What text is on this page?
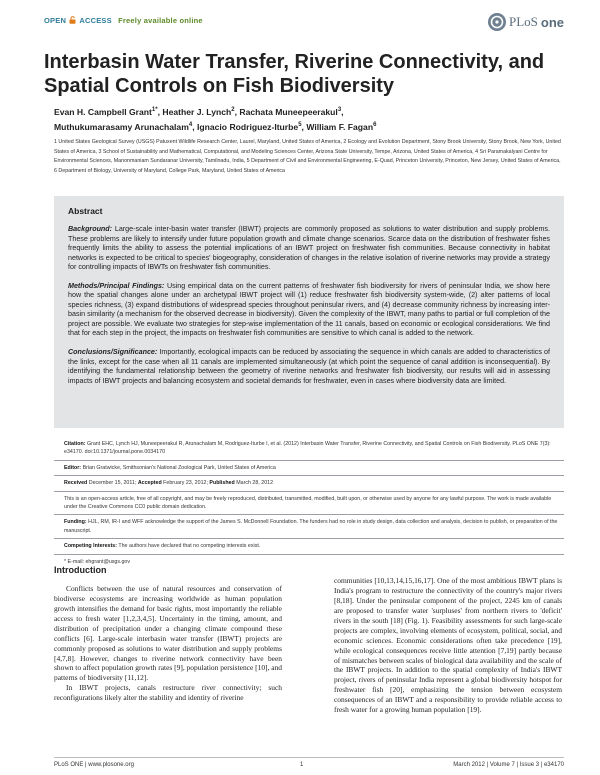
OPEN ACCESS Freely available online	PLoS one
Interbasin Water Transfer, Riverine Connectivity, and Spatial Controls on Fish Biodiversity
Evan H. Campbell Grant$^{1*}$, Heather J. Lynch$^2$, Rachata Muneepeerakul$^3$,
Muthukumarasamy Arunachalam$^4$, Ignacio Rodriguez-Iturbe$^5$, William F. Fagan$^6$
1 United States Geological Survey (USGS) Patuxent Wildlife Research Center, Laurel, Maryland, United States of America, 2 Ecology and Evolution Department, Stony Brook University, Stony Brook, New York, United States of America, 3 School of Sustainability and Mathematical, Computational, and Modeling Sciences Center, Arizona State University, Tempe, Arizona, United States of America, 4 Sri Paramakalyani Centre for Environmental Sciences, Manonmaniam Sundaranar University, Tamilnadu, India, 5 Department of Civil and Environmental Engineering, E-Quad, Princeton University, Princeton, New Jersey, United States of America, 6 Department of Biology, University of Maryland, College Park, Maryland, United States of America
Abstract
Background: Large-scale inter-basin water transfer (IBWT) projects are commonly proposed as solutions to water distribution and supply problems. These problems are likely to intensify under future population growth and climate change scenarios. Scarce data on the distribution of freshwater fishes frequently limits the ability to assess the potential implications of an IBWT project on freshwater fish communities. Because connectivity in habitat networks is expected to be critical to species' biogeography, consideration of changes in the relative isolation of riverine networks may provide a strategy for controlling impacts of IBWTs on freshwater fish communities.
Methods/Principal Findings: Using empirical data on the current patterns of freshwater fish biodiversity for rivers of peninsular India, we show here how the spatial changes alone under an archetypal IBWT project will (1) reduce freshwater fish biodiversity system-wide, (2) alter patterns of local species richness, (3) expand distributions of widespread species throughout peninsular rivers, and (4) decrease community richness by increasing inter-basin similarity (a mechanism for the observed decrease in biodiversity). Given the complexity of the IBWT, many paths to partial or full completion of the project are possible. We evaluate two strategies for step-wise implementation of the 11 canals, based on economic or ecological considerations. We find that for each step in the project, the impacts on freshwater fish communities are sensitive to which canal is added to the network.
Conclusions/Significance: Importantly, ecological impacts can be reduced by associating the sequence in which canals are added to characteristics of the links, except for the case when all 11 canals are implemented simultaneously (at which point the sequence of canal addition is inconsequential). By identifying the fundamental relationship between the geometry of riverine networks and freshwater fish biodiversity, our results will aid in assessing impacts of IBWT projects and balancing ecosystem and societal demands for freshwater, even in cases where biodiversity data are limited.
Citation: Grant EHC, Lynch HJ, Muneepeerakul R, Arunachalam M, Rodriguez-Iturbe I, et al. (2012) Interbasin Water Transfer, Riverine Connectivity, and Spatial Controls on Fish Biodiversity. PLoS ONE 7(3): e34170. doi:10.1371/journal.pone.0034170
Editor: Brian Gratwicke, Smithsonian's National Zoological Park, United States of America
Received December 15, 2011; Accepted February 23, 2012; Published March 28, 2012
This is an open-access article, free of all copyright, and may be freely reproduced, distributed, transmitted, modified, built upon, or otherwise used by anyone for any lawful purpose. The work is made available under the Creative Commons CC0 public domain dedication.
Funding: HJL, RM, IR-I and WFF acknowledge the support of the James S. McDonnell Foundation. The funders had no role in study design, data collection and analysis, decision to publish, or preparation of the manuscript.
Competing Interests: The authors have declared that no competing interests exist.
* E-mail: ehgrant@usgs.gov
Introduction

Conflicts between the use of natural resources and conservation of biodiverse ecosystems are increasing worldwide as human population growth intensifies the demand for basic rights, most importantly the reliable access to fresh water [1,2,3,4,5]. Uncertainty in the timing, amount, and distribution of precipitation under a changing climate compound these conflicts [6]. Large-scale interbasin water transfer (IBWT) projects are commonly proposed as solutions to water distribution and supply problems [4,7,8]. However, changes to riverine network connectivity have been shown to affect population growth rates [9], population persistence [10], and patterns of biodiversity [11,12].

In IBWT projects, canals restructure river connectivity; such reconfigurations likely alter the stability and identity of riverine

communities [10,13,14,15,16,17]. One of the most ambitious IBWT plans is India's program to restructure the connectivity of the country's major rivers [8,18]. Under the peninsular component of the project, 2245 km of canals are proposed to transfer water 'surpluses' from northern rivers to 'deficit' rivers in the south [18] (Fig. 1). Feasibility assessments for such large-scale projects are complex, involving elements of ecosystem, political, social, and economic sciences. Economic considerations often take precedence [19], while ecological consequences receive little attention [7,19] partly because of mismatches between scales of biological data availability and the scale of the IBWT projects. In addition to the spatial complexity of India's IBWT project, rivers of peninsular India represent a global biodiversity hotspot for freshwater fish [20], emphasizing the tension between ecosystem consequences of an IBWT and a responsibility to provide reliable access to fresh water for a growing human population [19].

PLoS ONE | www.plosone.org	1	March 2012 | Volume 7 | Issue 3 | e34170
